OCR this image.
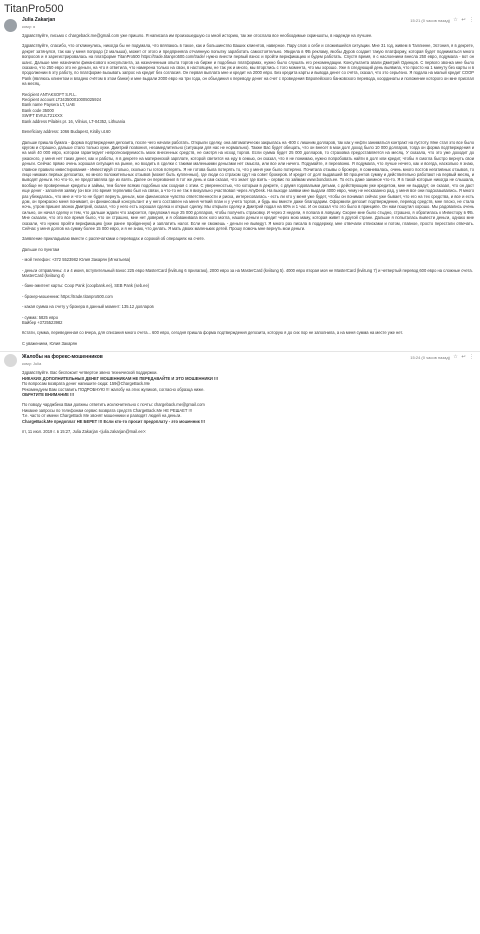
TitanPro500
Julia Zakarjan
кому: я
15:21 (0 часов назад) ☆ ↩ ⋮
Здравствуйте, письмо с chargeback.me@gmail.com уже пришло. Я написала им произошедшую со мной историю, так же отослала все необходимые скриншоты, в надежде на лучшее.
Здравствуйте, спасибо, что откликнулись, никогда бы не подумала, что вляпаюсь в такое, как и большинство Ваших клиентов, наверное. Пару слов о себе и сложившейся ситуации. Мне 31 год, живем в Таллинне, Эстония, я в декрете, декрет затянулся, так как у меня попродо (2 малыша), может от этого и предприняла отчаянную попытку заработать самостоятельно. Увидела в ФБ рекламу, якобы Дуров создает такую платформу, которая будет подниматься много вопросов и я зарегистрировалась на платформе TitanPro500 https://trade.titanpro500.com/trade/ нужно внести первый взнос и пройти верификацию и будем работать. Спустя время, я с наслоением внесла 250 евро, подумала - вот он шанс. Дальше мне назначили финансового консультанта, за назначенным опыта торгов на бирже и подобных платформах, нужно было слушать его рекомендации. Консультанта звали Дмитрий Одинцов. С первого звонка мне было сказано, что 250 евро это не деньги, на что я ответила, что намерена только на свои, в настоящем, не так уж и много, мы вторглись с того момента, что мы хорошо. Уже в следующий день выявила, что просто на 1 минуту без карты и в продолжении в эту работу, по платформе вызывать запрос на кредит без согласия. Он первая выплата мне и кредит на 2000 евро. Без кредита карты и вывода денег со счёта, сказал, что это серьёзно. Я подала на малый кредит COOP Pank (являюсь клиентом и владею счётом в этом банке) и мне выдали 2000 евро на три года, он объединил к переводу денег на счет с проведения Европейского банковского перевода, координаты и положение которого он мне прислал на месяц.
Recipient ANTAKSOFT S.R.L.
Recipient account LT343500010005025924
Bank name Paysera LT, UAB
Bank code 35000
SWIFT EVIULT21XXX
Bank address Pilaitės pr. 16, Vilnius, LT-04352, Lithuania
Beneficiary address: 1066 Budapest, Király ut.60
Дальше пришла бумага - форма подтверждения депозита, после чего начали работать. Открыли сделку, она автоматически закрылась на -800 с лишним долларов, так как у нефти заниматься контракт на пустоту. Мне стал это все было кругом и страшно, дальше стало только хуже. Дмитрий позвонил, незамедлительно (ситуации для нас не нормально). Также Вас будет обещать, что он внесет в мои долг доход было 10 000 долларов, тогда он форма подтверждения и на мой 40 000 евро, котором гарантирует непрогнозируемость моих внесенных средств, не смотря на исход торгов. Если сумма будет 25 000 долларов, то страховка предоставляется на месяц. У сказала, что это уже доходит до ужасного, у меня нет таких денег, как и работы, я в декрете на материнской зарплате, которой светится на еду в семью, он сказал, что я не понимаю, нужно попробовать найти в долг или кредит, чтобы я смогла быстро вернуть свои деньги. Сейчас прямо очень хорошая ситуация на рынке, но входить в сделки с такими маленькими деньгами нет смысла, или все или ничего. Подумайте, я перезвоню. Я подумала, что лучше нечего, как и всегда, насколько я знаю, главное правило инвестирования - Инвестируй столько, сколько ты готов потерять. Я не готова была потерять то, что у меня уже было потеряно. Почитала отзывы о брокере, я сомневалась, очень много постов негативных отзывов, то лицо никаких первых депозитах, но много положительных отзывов (может быть купленных), где люди со страхом сдут на совет брокеров. И кредит от долг выдавшей 50 процентов сумму и действительно работают на первый месяц, и выводят деньги. Но что-то, не представляла где их взять. Далее он перезвонил в тот же день и сам сказал, что знает где взять - сервис по займам www.bondora.ee. То есть даже заемное что-то. Я в такой которые никогда не слышала, вообще не проверенные кредиты и займы, тем более всяких подобных как сходная с этим. С уверенностью, что которым в декрете, с двумя годовалыми детьми, с действующим уже кредитом, мне не выдадут, он сказал, что он даст еще денег - заполняя заявку (он все это время терпеливо был на связи, а что-то не так я визуально участвовал через AnyDesk. На выходе заявки мне выдали 4000 евро, чему не несказанно рад, у меня все они подсказывались. Я много раз убеждалась, что мне и что-то не будет вернуть деньги, мое финансовое чувство ответственности и риска, интересовалась - есть ли кто у меня уже будет, чтобы он понимал сейчас уже бывает, что его на тех средства, и все и есть дом, он прекрасно меня понимает, он финансовый консультант и у него составлен на меня четкий план и у учета торгов, и будь мы вместе даже благодарим. Оформили депозит подтверждение, перевод средств, мне плохо, не стала ночь, утром пришел звонок Дмитрий, сказал, что у него есть хорошая сделка и открыл сделку. Мы открыли сделку и Дмитрий подал на 60% и 1 час. И он сказал что это было в принципе. Он нам пошутил хорошо. Мы радовались очень сильно, он начал сделку и тем, что дальше ждали что закроется, предложил еще 25 000 долларов, чтобы получить страховку. И через 2 недели, я попала в ловушку. Скорее мне было стыдно, страшно, я обратилась к Инвестору в ФБ. Мне сказали, что это все время было, что он страшно, мне нет доверия, и я обзванивала всех кого могла, нашли деньги и кредит через мою маму, которая живет в другой стране. Дальше я попыталась вывести деньги, однако мне сказали, что нужно пройти верификацию (уже ранее пройденную) и заплатить налог. Если не сможешь - деньги не выведут. Я много раз писала в поддержку, мне отвечали отписками и потом, главное, просто перестали отвечать. Сейчас у меня долгов на сумму более 15 000 евро, и я не знаю, что делать. Я мать двоих маленьких детей. Прошу помочь мне вернуть мои деньги.
Заявление прикладываю вместе с распечатками о переводах и сорокой об операциях на счете.
Дальше по пунктам
- мой телефон: +372 5523982 Юлия Закарян (Игнатьева)
- деньги отправлены: 4 и 4 июня, вступительный взнос 225 евро MasterCard (kviitung 6 прилагаю), 2000 евро за на MasterCard (kviitung 5). 4000 евро вторая моя не MasterCard (kviitung 7) и четвертый перевод 600 евро на сложные счета. MasterCard (kviitung 4)
- банк-эмитент карты: Coop Pank (coopbank.ee), SEB Pank (seb.ee)
- брокер-мошенник: https://trade.titanpro500.com
- какая сумма на счету у брокера в данный момент: 135.12 долларов
- сумма: 5825 евро
Вайбер +3725523982
Кстати, сумма, переведенная со вчера, для списания много счета... 600 евро, сегодня пришла форма подтверждения депозита, которую я до сих пор не заполнила, а на меня сумма на месте уже нет.
С уважением, Юлия Закарян
Жалобы на форекс-мошенников
кому: Julia
15:24 (0 часов назад) ☆ ↩ ⋮
Здравствуйте. Вас беспокоит четвертое звено технической поддержки.
НИКАКИХ ДОПОЛНИТЕЛЬНЫХ ДЕНЕГ МОШЕННИКАМ НЕ ПЕРЕДАВАЙТЕ И ЭТО МОШЕННИКИ !!!
По вопросам возврата денег напишите сюда: 159@ChargeBack.Me
Рекомендуем Вам составить ПОДРОБНУЮ !!! жалобу на этих жуликов, согласно образца ниже.
ОБРАТИТЕ ВНИМАНИЕ !!!
По поводу чарджбека Вам должны ответить исключительно с почты: chargeback.me@gmail.com
Никакие запросы по телефонам сервис возврата средств ChargeBack.Me НЕ РЕШАЕТ !!!
Т.е. часто от имени ChargeBack Me звонят мошенники и разводят людей на деньги.
ChargeBack.Me предоплат НЕ БЕРЕТ !!! Если кто-то просит предоплату - это мошенник !!!
пт, 11 июл. 2019 г. в 15:27, Julia Zakarjan <julia.zakarjan@mail.ee>:
